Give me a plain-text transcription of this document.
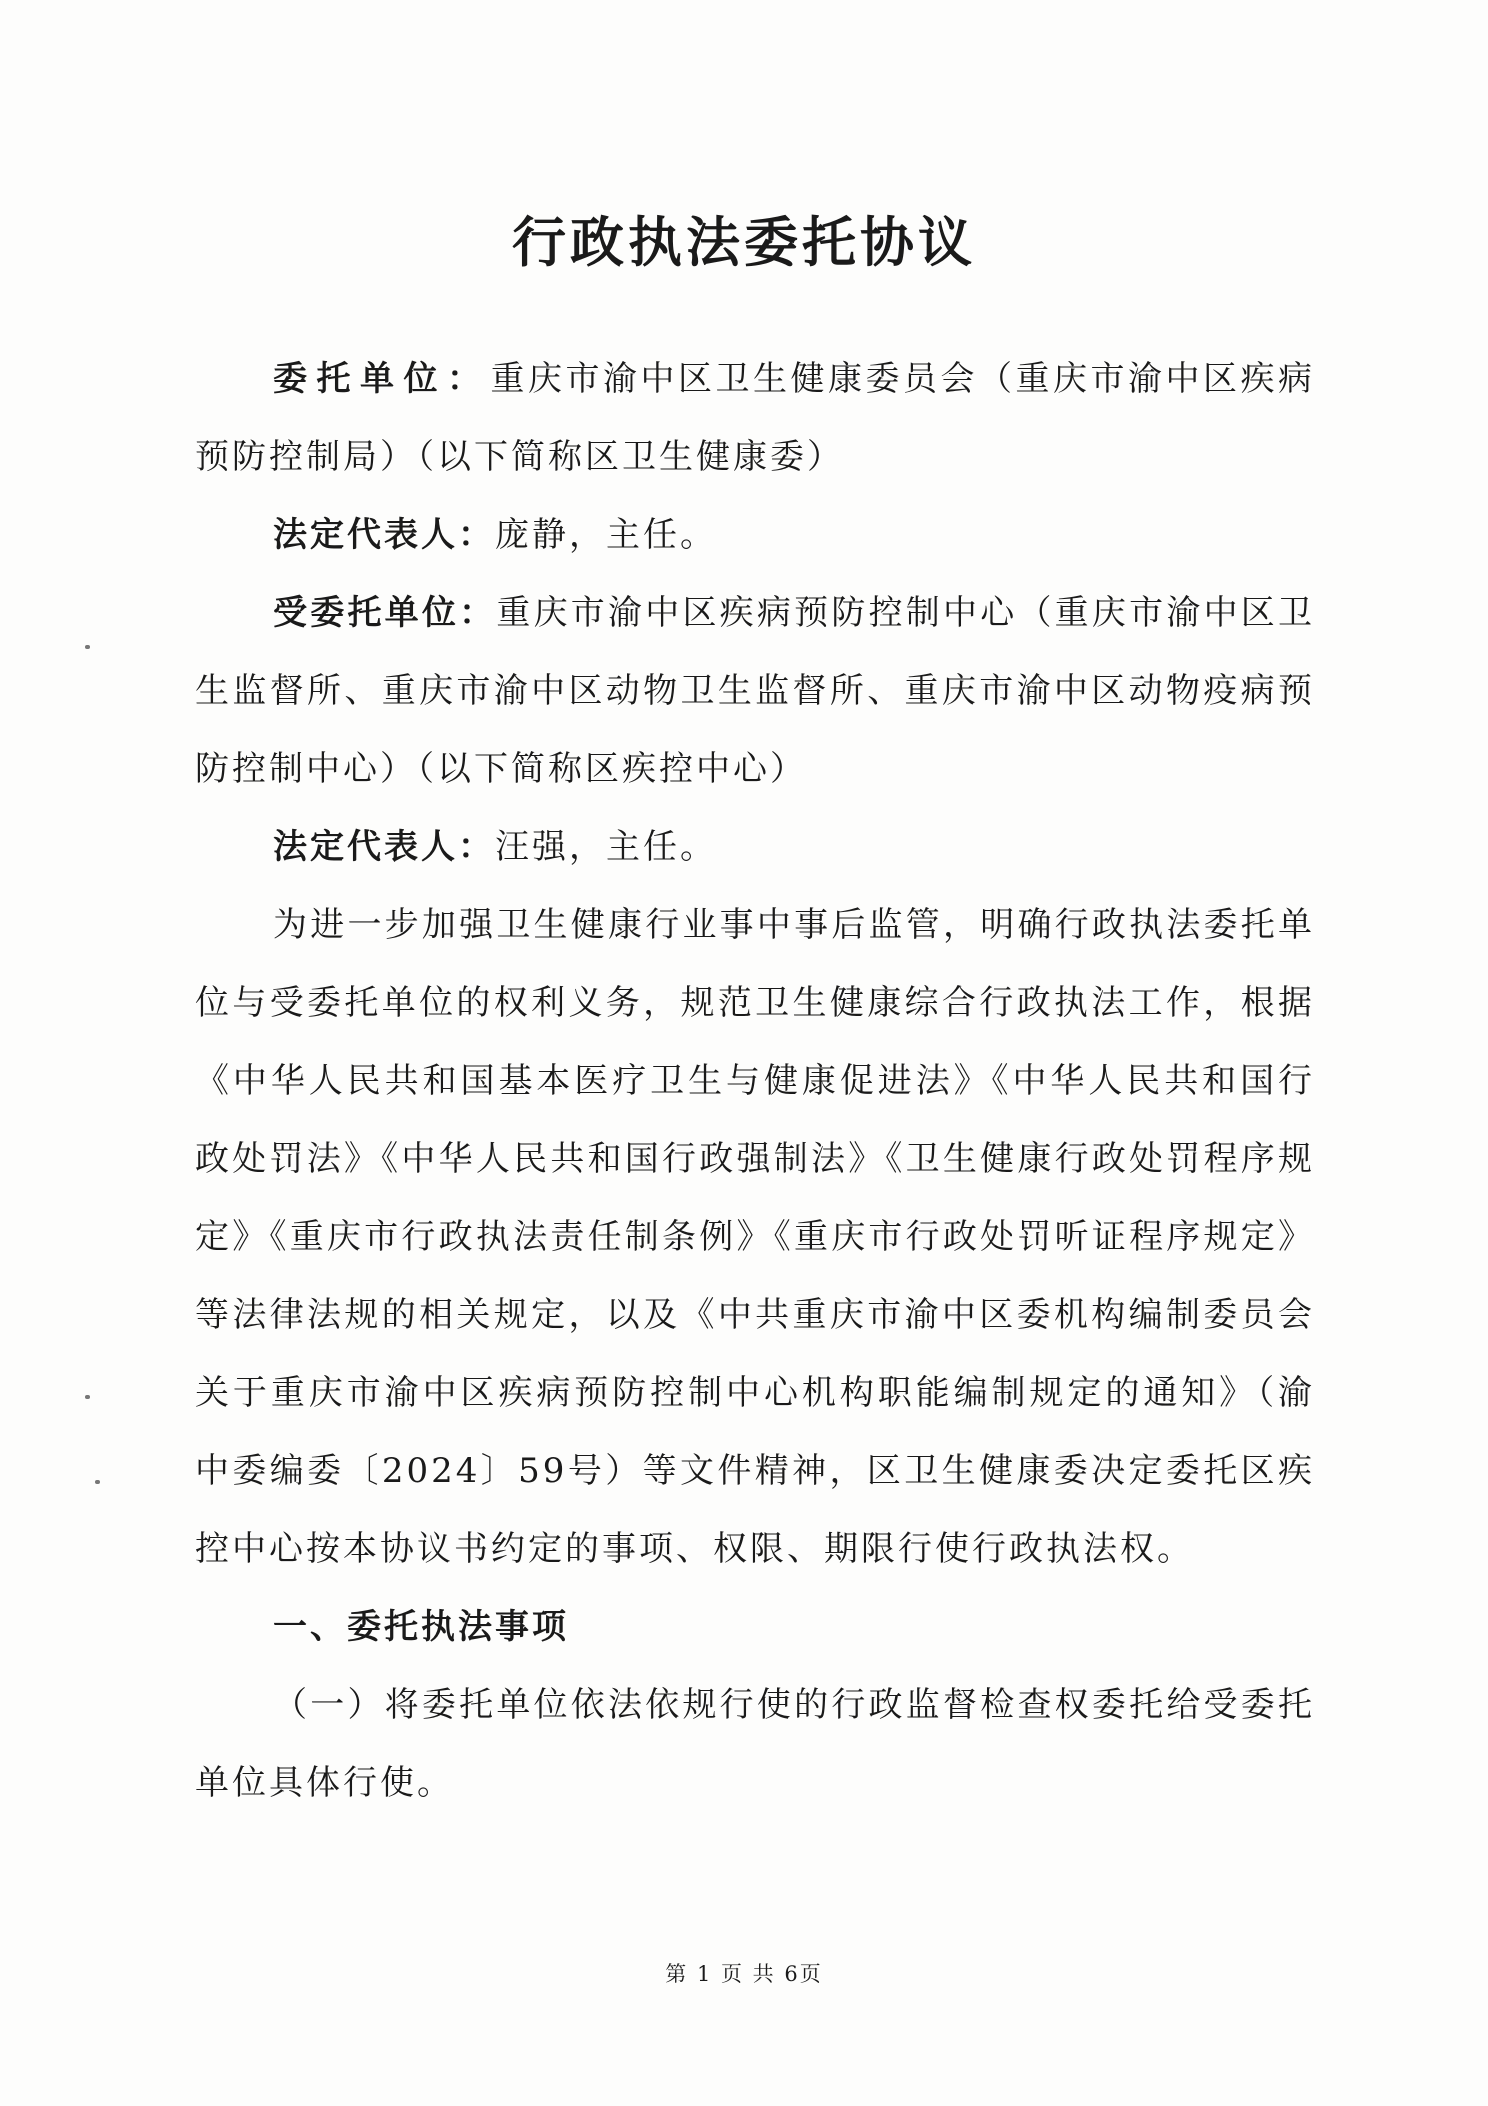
行政执法委托协议

委托单位：重庆市渝中区卫生健康委员会（重庆市渝中区疾病预防控制局）（以下简称区卫生健康委）

法定代表人：庞静，主任。

受委托单位：重庆市渝中区疾病预防控制中心（重庆市渝中区卫生监督所、重庆市渝中区动物卫生监督所、重庆市渝中区动物疫病预防控制中心）（以下简称区疾控中心）

法定代表人：汪强，主任。

为进一步加强卫生健康行业事中事后监管，明确行政执法委托单位与受委托单位的权利义务，规范卫生健康综合行政执法工作，根据《中华人民共和国基本医疗卫生与健康促进法》《中华人民共和国行政处罚法》《中华人民共和国行政强制法》《卫生健康行政处罚程序规定》《重庆市行政执法责任制条例》《重庆市行政处罚听证程序规定》等法律法规的相关规定，以及《中共重庆市渝中区委机构编制委员会关于重庆市渝中区疾病预防控制中心机构职能编制规定的通知》（渝中委编委〔2024〕59号）等文件精神，区卫生健康委决定委托区疾控中心按本协议书约定的事项、权限、期限行使行政执法权。

一、委托执法事项

（一）将委托单位依法依规行使的行政监督检查权委托给受委托单位具体行使。

第 1 页 共 6页
